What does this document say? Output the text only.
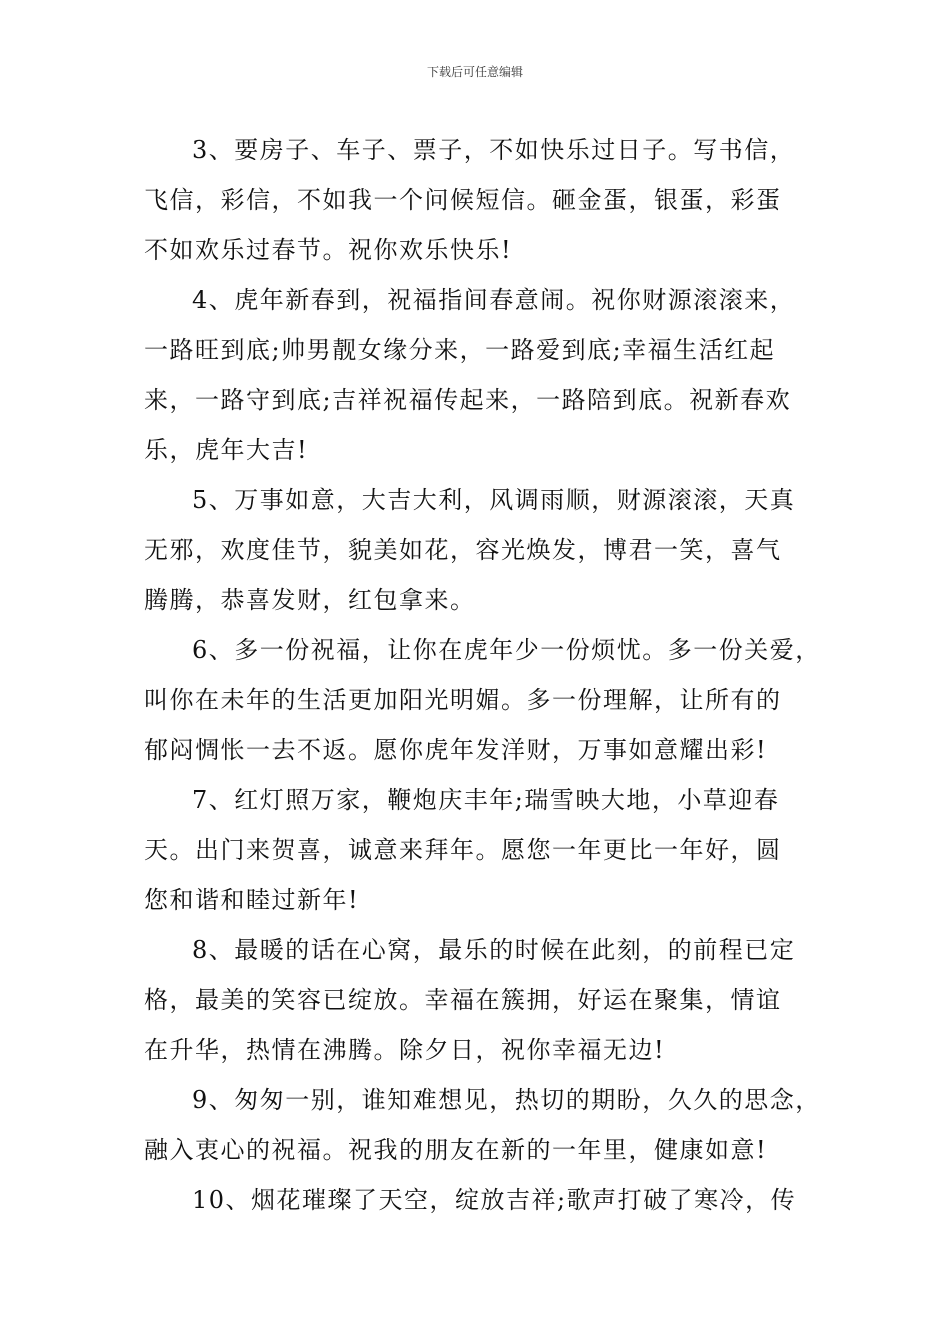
下载后可任意编辑

3、要房子、车子、票子，不如快乐过日子。写书信，
飞信，彩信，不如我一个问候短信。砸金蛋，银蛋，彩蛋
不如欢乐过春节。祝你欢乐快乐!

4、虎年新春到，祝福指间春意闹。祝你财源滚滚来，
一路旺到底;帅男靓女缘分来，一路爱到底;幸福生活红起
来，一路守到底;吉祥祝福传起来，一路陪到底。祝新春欢
乐，虎年大吉!

5、万事如意，大吉大利，风调雨顺，财源滚滚，天真
无邪，欢度佳节，貌美如花，容光焕发，博君一笑，喜气
腾腾，恭喜发财，红包拿来。

6、多一份祝福，让你在虎年少一份烦忧。多一份关爱，
叫你在未年的生活更加阳光明媚。多一份理解，让所有的
郁闷惆怅一去不返。愿你虎年发洋财，万事如意耀出彩!

7、红灯照万家，鞭炮庆丰年;瑞雪映大地，小草迎春
天。出门来贺喜，诚意来拜年。愿您一年更比一年好，圆
您和谐和睦过新年!

8、最暖的话在心窝，最乐的时候在此刻，的前程已定
格，最美的笑容已绽放。幸福在簇拥，好运在聚集，情谊
在升华，热情在沸腾。除夕日，祝你幸福无边!

9、匆匆一别，谁知难想见，热切的期盼，久久的思念，
融入衷心的祝福。祝我的朋友在新的一年里，健康如意!

10、烟花璀璨了天空，绽放吉祥;歌声打破了寒冷，传
